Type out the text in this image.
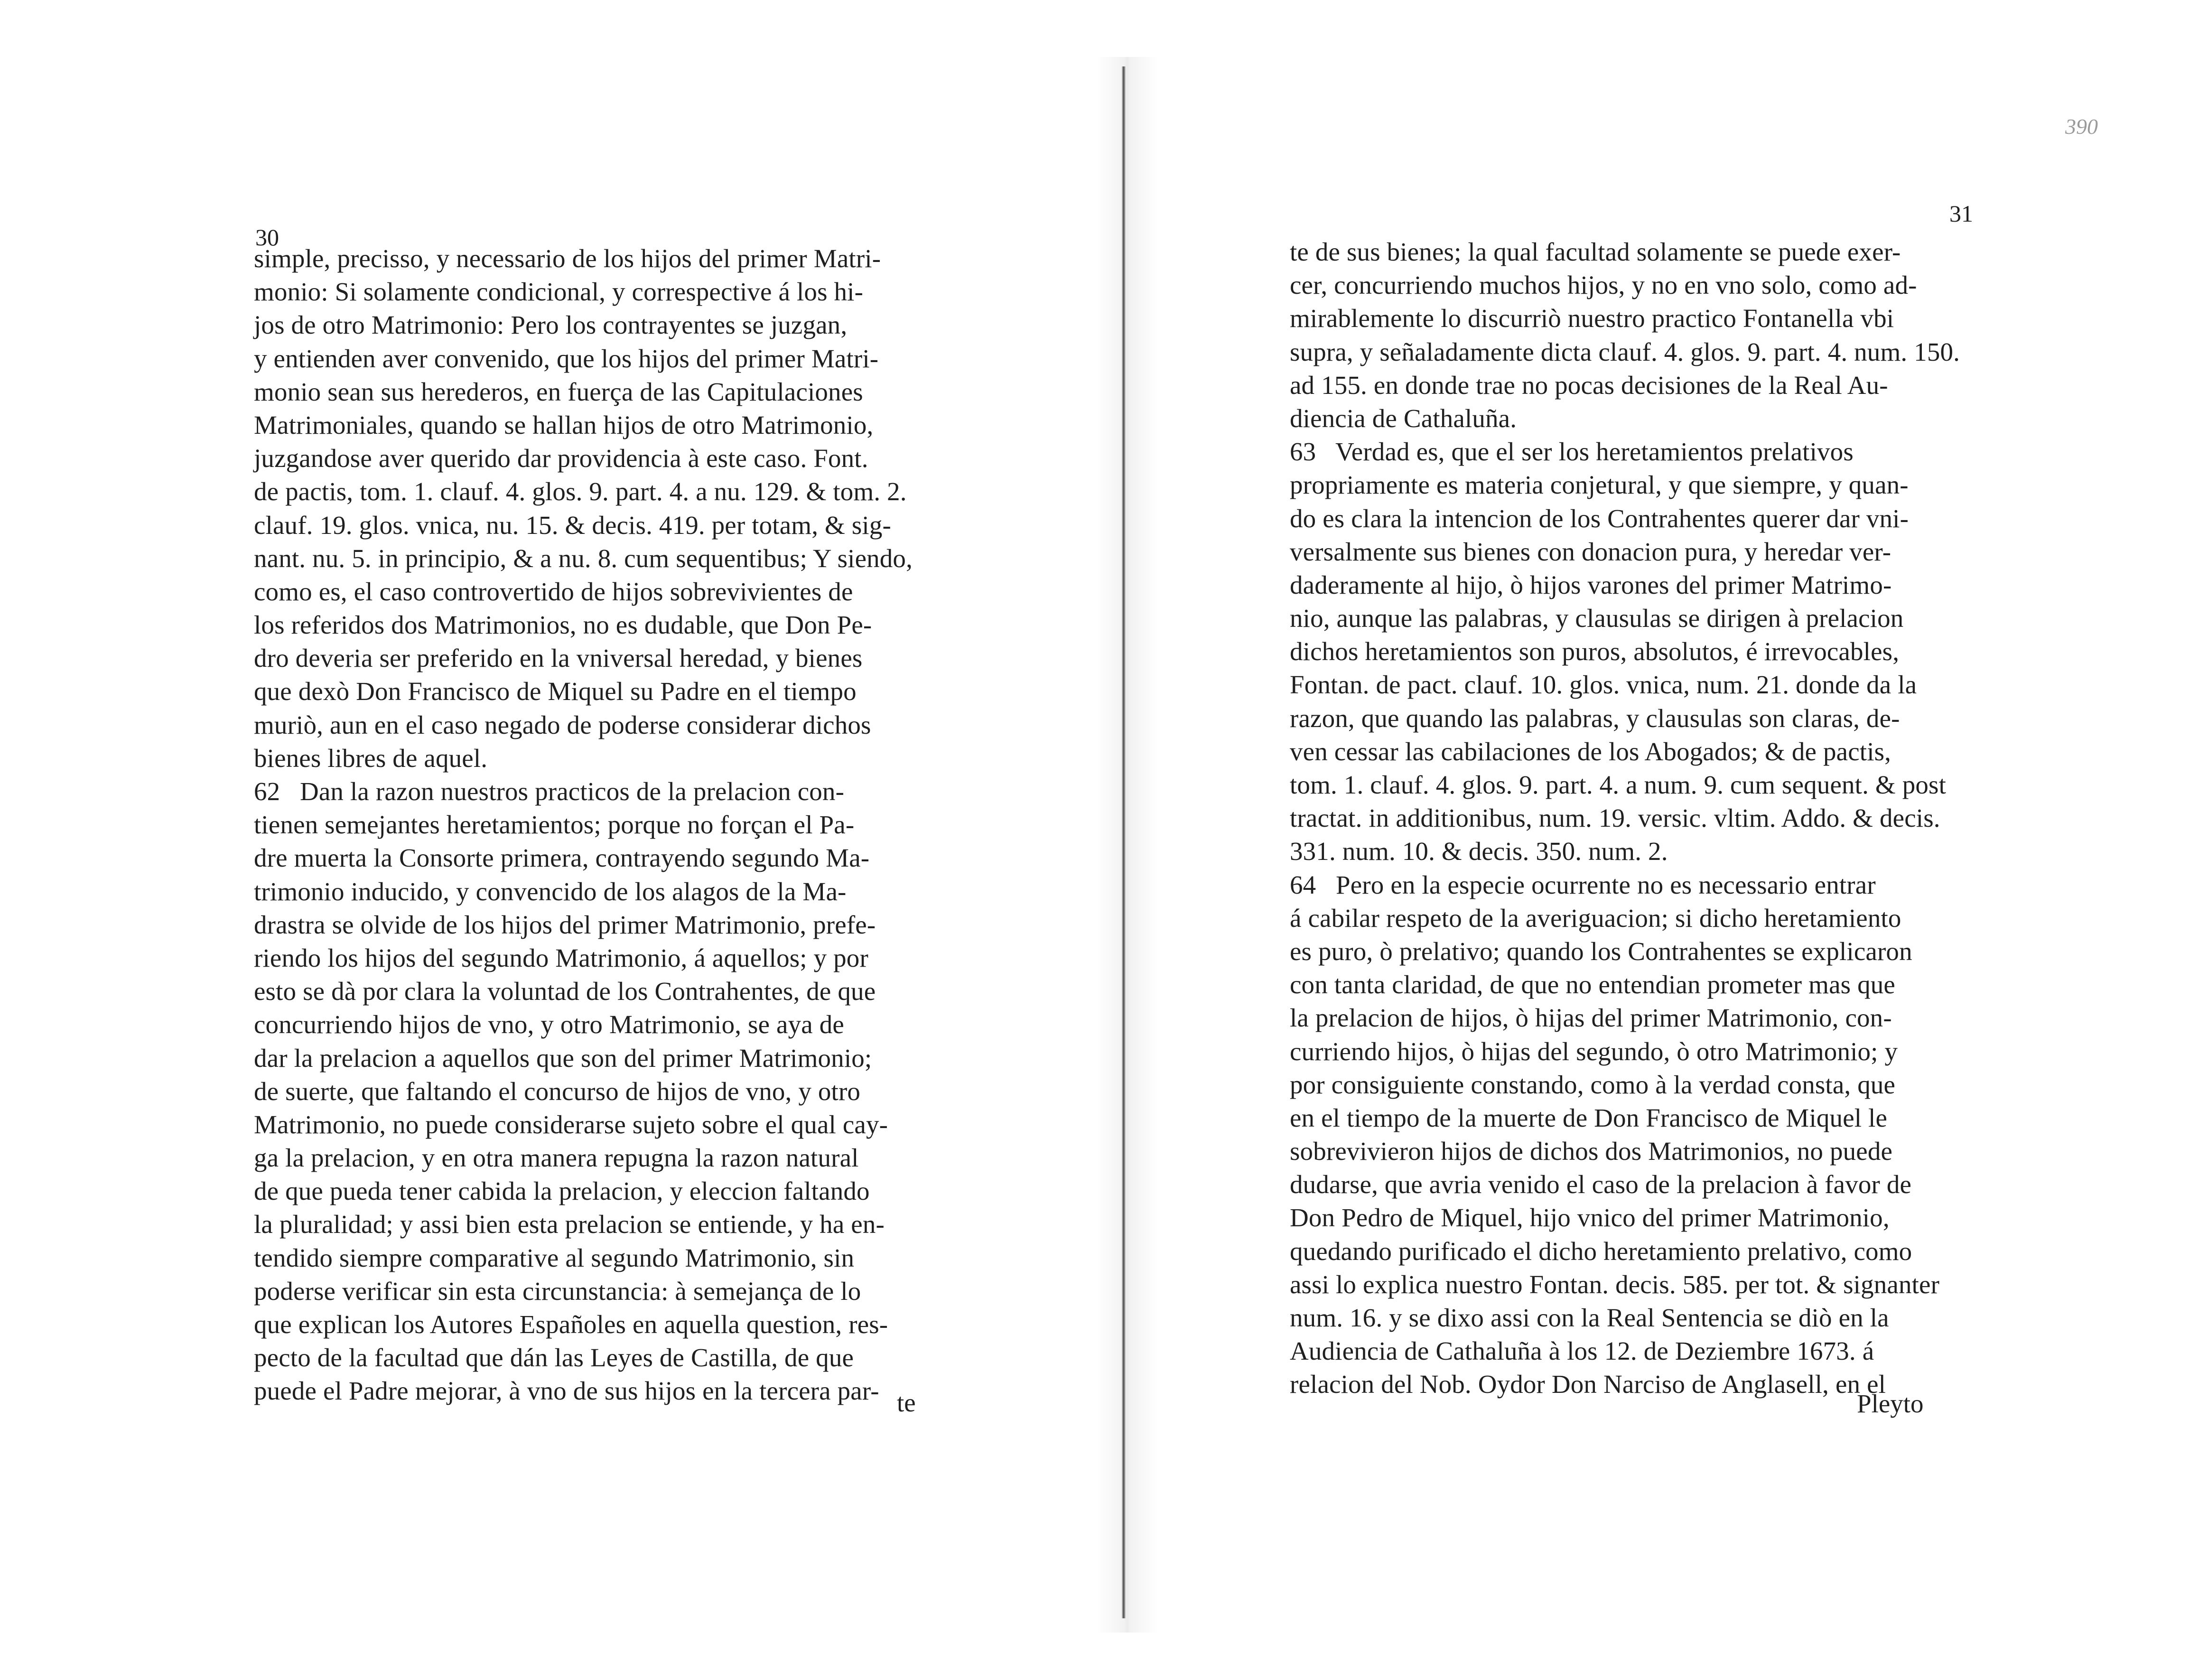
390
30
simple, precisso, y necessario de los hijos del primer Matri-
monio: Si solamente condicional, y correspective á los hi-
jos de otro Matrimonio: Pero los contrayentes se juzgan,
y entienden aver convenido, que los hijos del primer Matri-
monio sean sus herederos, en fuerça de las Capitulaciones
Matrimoniales, quando se hallan hijos de otro Matrimonio,
juzgandose aver querido dar providencia à este caso. Font.
de pactis, tom. 1. clauf. 4. glos. 9. part. 4. a nu. 129. & tom. 2.
clauf. 19. glos. vnica, nu. 15. & decis. 419. per totam, & sig-
nant. nu. 5. in principio, & a nu. 8. cum sequentibus; Y siendo,
como es, el caso controvertido de hijos sobrevivientes de
los referidos dos Matrimonios, no es dudable, que Don Pe-
dro deveria ser preferido en la vniversal heredad, y bienes
que dexò Don Francisco de Miquel su Padre en el tiempo
muriò, aun en el caso negado de poderse considerar dichos
bienes libres de aquel.
62   Dan la razon nuestros practicos de la prelacion con-
tienen semejantes heretamientos; porque no forçan el Pa-
dre muerta la Consorte primera, contrayendo segundo Ma-
trimonio inducido, y convencido de los alagos de la Ma-
drastra se olvide de los hijos del primer Matrimonio, prefe-
riendo los hijos del segundo Matrimonio, á aquellos; y por
esto se dà por clara la voluntad de los Contrahentes, de que
concurriendo hijos de vno, y otro Matrimonio, se aya de
dar la prelacion a aquellos que son del primer Matrimonio;
de suerte, que faltando el concurso de hijos de vno, y otro
Matrimonio, no puede considerarse sujeto sobre el qual cay-
ga la prelacion, y en otra manera repugna la razon natural
de que pueda tener cabida la prelacion, y eleccion faltando
la pluralidad; y assi bien esta prelacion se entiende, y ha en-
tendido siempre comparative al segundo Matrimonio, sin
poderse verificar sin esta circunstancia: à semejança de lo
que explican los Autores Españoles en aquella question, res-
pecto de la facultad que dán las Leyes de Castilla, de que
puede el Padre mejorar, à vno de sus hijos en la tercera par- te
31
te de sus bienes; la qual facultad solamente se puede exer-
cer, concurriendo muchos hijos, y no en vno solo, como ad-
mirablemente lo discurriò nuestro practico Fontanella vbi
supra, y señaladamente dicta clauf. 4. glos. 9. part. 4. num. 150.
ad 155. en donde trae no pocas decisiones de la Real Au-
diencia de Cathaluña.
63   Verdad es, que el ser los heretamientos prelativos
propriamente es materia conjetural, y que siempre, y quan-
do es clara la intencion de los Contrahentes querer dar vni-
versalmente sus bienes con donacion pura, y heredar ver-
daderamente al hijo, ò hijos varones del primer Matrimo-
nio, aunque las palabras, y clausulas se dirigen à prelacion
dichos heretamientos son puros, absolutos, é irrevocables,
Fontan. de pact. clauf. 10. glos. vnica, num. 21. donde da la
razon, que quando las palabras, y clausulas son claras, de-
ven cessar las cabilaciones de los Abogados; & de pactis,
tom. 1. clauf. 4. glos. 9. part. 4. a num. 9. cum sequent. & post
tractat. in additionibus, num. 19. versic. vltim. Addo. & decis.
331. num. 10. & decis. 350. num. 2.
64   Pero en la especie ocurrente no es necessario entrar
á cabilar respeto de la averiguacion; si dicho heretamiento
es puro, ò prelativo; quando los Contrahentes se explicaron
con tanta claridad, de que no entendian prometer mas que
la prelacion de hijos, ò hijas del primer Matrimonio, con-
curriendo hijos, ò hijas del segundo, ò otro Matrimonio; y
por consiguiente constando, como à la verdad consta, que
en el tiempo de la muerte de Don Francisco de Miquel le
sobrevivieron hijos de dichos dos Matrimonios, no puede
dudarse, que avria venido el caso de la prelacion à favor de
Don Pedro de Miquel, hijo vnico del primer Matrimonio,
quedando purificado el dicho heretamiento prelativo, como
assi lo explica nuestro Fontan. decis. 585. per tot. & signanter
num. 16. y se dixo assi con la Real Sentencia se diò en la
Audiencia de Cathaluña à los 12. de Deziembre 1673. á
relacion del Nob. Oydor Don Narciso de Anglasell, en el
Pleyto
